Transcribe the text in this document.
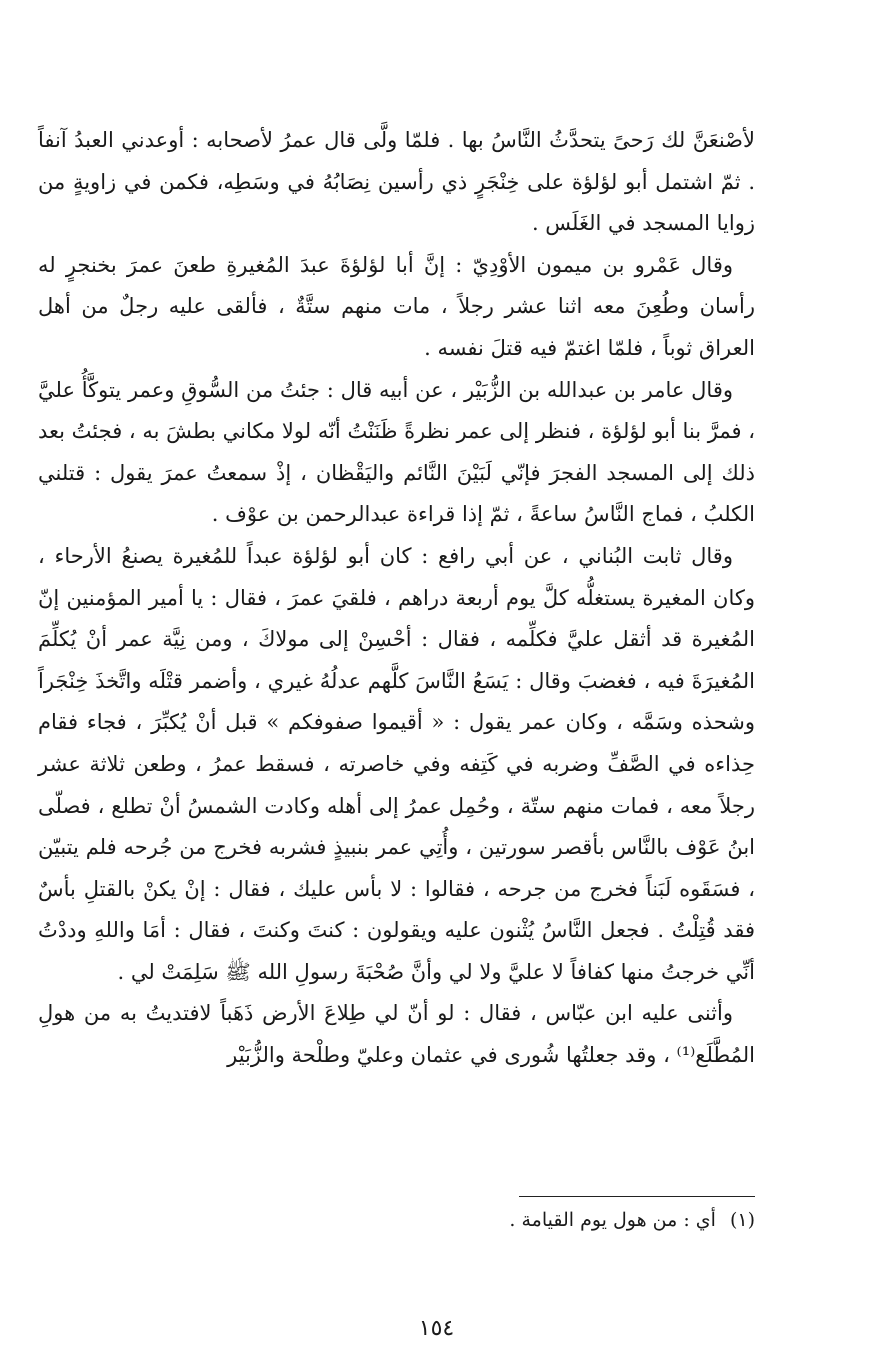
لأصْنعَنَّ لك رَحىً يتحدَّثُ النَّاسُ بها . فلمّا ولَّى قال عمرُ لأصحابه : أوعدني العبدُ آنفاً . ثمّ اشتمل أبو لؤلؤة على خِنْجَرٍ ذي رأسين نِصَابُهُ في وسَطِه، فكمن في زاويةٍ من زوايا المسجد في الغَلَس .

وقال عَمْرو بن ميمون الأوْدِيّ : إنَّ أبا لؤلؤةَ عبدَ المُغيرةِ طعنَ عمرَ بخنجرٍ له رأسان وطُعِنَ معه اثنا عشر رجلاً ، مات منهم ستَّةٌ ، فألقى عليه رجلٌ من أهل العراق ثوباً ، فلمّا اغتمّ فيه قتلَ نفسه .

وقال عامر بن عبدالله بن الزُّبَيْر ، عن أبيه قال : جئتُ من السُّوقِ وعمر يتوكَّأُ عليَّ ، فمرَّ بنا أبو لؤلؤة ، فنظر إلى عمر نظرةً ظَنَنْتُ أنّه لولا مكاني بطشَ به ، فجئتُ بعد ذلك إلى المسجد الفجرَ فإنّي لَبَيْنَ النَّائم واليَقْظان ، إذْ سمعتُ عمرَ يقول : قتلني الكلبُ ، فماج النَّاسُ ساعةً ، ثمّ إذا قراءة عبدالرحمن بن عوْف .

وقال ثابت البُناني ، عن أبي رافع : كان أبو لؤلؤة عبداً للمُغيرة يصنعُ الأرحاء ، وكان المغيرة يستغلُّه كلَّ يوم أربعة دراهم ، فلقيَ عمرَ ، فقال : يا أمير المؤمنين إنّ المُغيرة قد أثقل عليَّ فكلِّمه ، فقال : أحْسِنْ إلى مولاكَ ، ومن نِيَّة عمر أنْ يُكلِّمَ المُغيرَةَ فيه ، فغضبَ وقال : يَسَعُ النَّاسَ كلَّهم عدلُهُ غيري ، وأضمر قتْلَه واتَّخذَ خِنْجَراً وشحذه وسَمَّه ، وكان عمر يقول : « أقيموا صفوفكم » قبل أنْ يُكبِّرَ ، فجاء فقام حِذاءه في الصَّفِّ وضربه في كَتِفه وفي خاصرته ، فسقط عمرُ ، وطعن ثلاثة عشر رجلاً معه ، فمات منهم ستّة ، وحُمِل عمرُ إلى أهله وكادت الشمسُ أنْ تطلع ، فصلّى ابنُ عَوْف بالنَّاس بأقصر سورتين ، وأُتِي عمر بنبيذٍ فشربه فخرج من جُرحه فلم يتبيّن ، فسَقَوه لَبَناً فخرج من جرحه ، فقالوا : لا بأس عليك ، فقال : إنْ يكنْ بالقتلِ بأسٌ فقد قُتِلْتُ . فجعل النَّاسُ يُثْنون عليه ويقولون : كنتَ وكنتَ ، فقال : أمَا واللهِ وددْتُ أنِّي خرجتُ منها كفافاً لا عليَّ ولا لي وأنَّ صُحْبَةَ رسولِ الله ﷺ سَلِمَتْ لي .

وأثنى عليه ابن عبّاس ، فقال : لو أنّ لي طِلاعَ الأرض ذَهَباً لافتديتُ به من هولِ المُطَّلَع⁽¹⁾ ، وقد جعلتُها شُورى في عثمان وعليّ وطلْحة والزُّبَيْر

(١)أي : من هول يوم القيامة .
١٥٤
